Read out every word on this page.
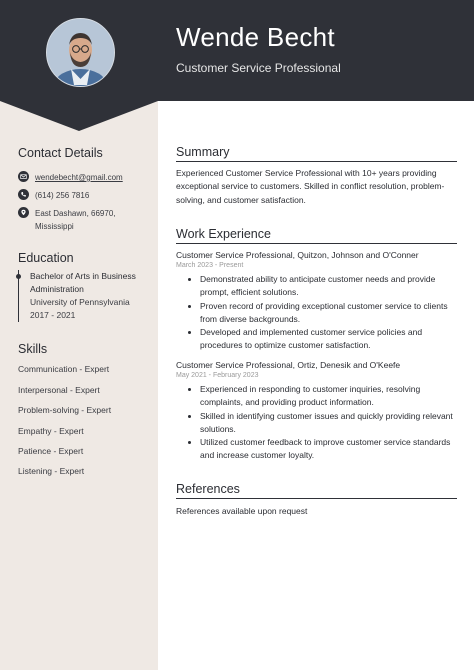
Wende Becht
Customer Service Professional
Contact Details
wendebecht@gmail.com
(614) 256 7816
East Dashawn, 66970,
Mississippi
Education
Bachelor of Arts in Business
Administration
University of Pennsylvania
2017 - 2021
Skills
Communication - Expert
Interpersonal - Expert
Problem-solving - Expert
Empathy - Expert
Patience - Expert
Listening - Expert
Summary
Experienced Customer Service Professional with 10+ years providing exceptional service to customers. Skilled in conflict resolution, problem-solving, and customer satisfaction.
Work Experience
Customer Service Professional, Quitzon, Johnson and O'Conner
March 2023 - Present
Demonstrated ability to anticipate customer needs and provide prompt, efficient solutions.
Proven record of providing exceptional customer service to clients from diverse backgrounds.
Developed and implemented customer service policies and procedures to optimize customer satisfaction.
Customer Service Professional, Ortiz, Denesik and O'Keefe
May 2021 - February 2023
Experienced in responding to customer inquiries, resolving complaints, and providing product information.
Skilled in identifying customer issues and quickly providing relevant solutions.
Utilized customer feedback to improve customer service standards and increase customer loyalty.
References
References available upon request
